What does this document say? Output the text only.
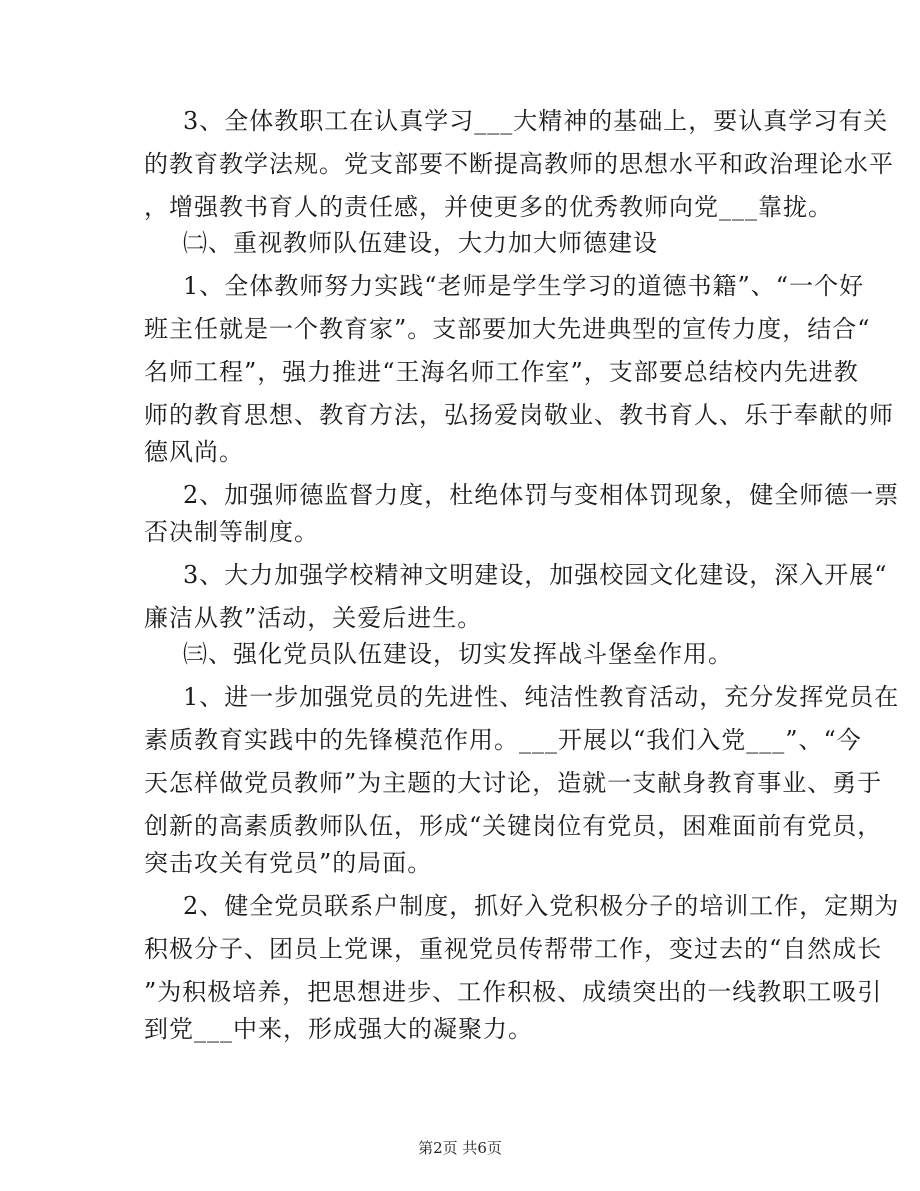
3、全体教职工在认真学习___大精神的基础上，要认真学习有关
的教育教学法规。党支部要不断提高教师的思想水平和政治理论水平
，增强教书育人的责任感，并使更多的优秀教师向党___靠拢。
㈡、重视教师队伍建设，大力加大师德建设
1、全体教师努力实践“老师是学生学习的道德书籍”、“一个好
班主任就是一个教育家”。支部要加大先进典型的宣传力度，结合“
名师工程”，强力推进“王海名师工作室”，支部要总结校内先进教
师的教育思想、教育方法，弘扬爱岗敬业、教书育人、乐于奉献的师
德风尚。
2、加强师德监督力度，杜绝体罚与变相体罚现象，健全师德一票
否决制等制度。
3、大力加强学校精神文明建设，加强校园文化建设，深入开展“
廉洁从教”活动，关爱后进生。
㈢、强化党员队伍建设，切实发挥战斗堡垒作用。
1、进一步加强党员的先进性、纯洁性教育活动，充分发挥党员在
素质教育实践中的先锋模范作用。___开展以“我们入党___”、“今
天怎样做党员教师”为主题的大讨论，造就一支献身教育事业、勇于
创新的高素质教师队伍，形成“关键岗位有党员，困难面前有党员，
突击攻关有党员”的局面。
2、健全党员联系户制度，抓好入党积极分子的培训工作，定期为
积极分子、团员上党课，重视党员传帮带工作，变过去的“自然成长
”为积极培养，把思想进步、工作积极、成绩突出的一线教职工吸引
到党___中来，形成强大的凝聚力。
第2页 共6页
